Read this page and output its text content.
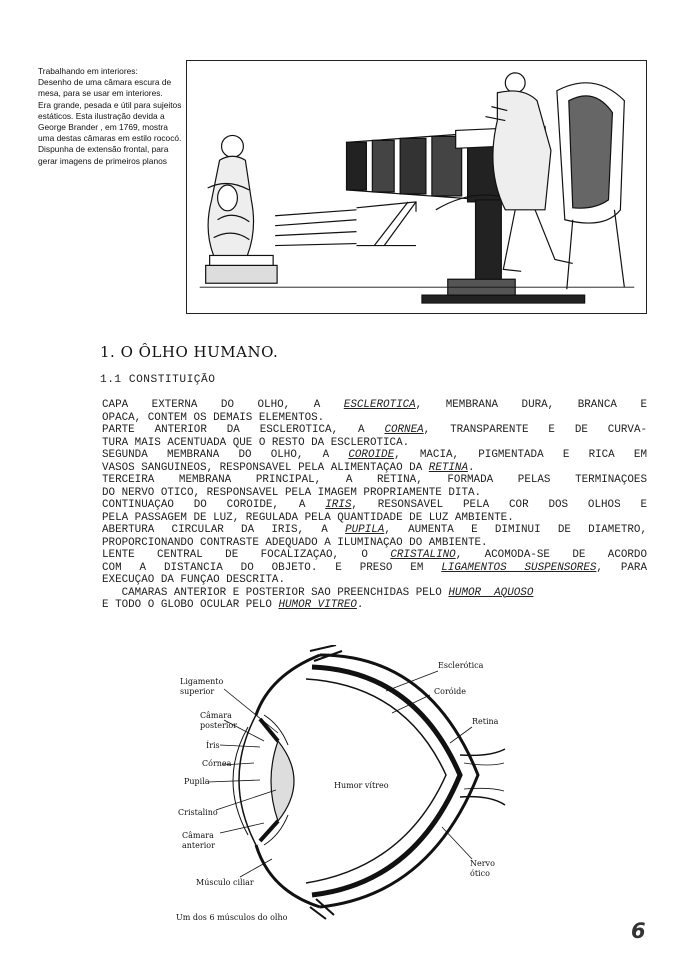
Trabalhando em interiores:
Desenho de uma câmara escura de mesa, para se usar em interiores.
Era grande, pesada e útil para sujeitos estáticos. Esta ilustração devida a George Brander , em 1769, mostra uma destas câmaras em estilo rococó.
Dispunha de extensão frontal, para gerar imagens de primeiros planos
1. O ÔLHO HUMANO.
1.1 CONSTITUIÇÃO
CAPA EXTERNA DO OLHO, A ESCLERÓTICA, MEMBRANA DURA, BRANCA E
OPACA, CONTÉM OS DEMAIS ELEMENTOS.
PARTE ANTERIOR DA ESCLERÓTICA, A CÓRNEA, TRANSPARENTE E DE CURVA-
TURA MAIS ACENTUADA QUE O RESTO DA ESCLERÓTICA.
SEGUNDA MEMBRANA DO OLHO, A COROIDE, MACIA, PIGMENTADA E RICA EM
VASOS SANGUINEOS, RESPONSÁVEL PELA ALIMENTAÇÃO DA RETINA.
TERCEIRA MEMBRANA PRINCIPAL, A RETINA, FORMADA PELAS TERMINAÇÕES
DO NERVO ÓTICO, RESPONSÁVEL PELA IMAGEM PROPRIAMENTE DITA.
CONTINUAÇÃO DO COROIDE, A IRIS, RESONSÁVEL PELA COR DOS OLHOS E
PELA PASSAGEM DE LUZ, REGULADA PELA QUANTIDADE DE LUZ AMBIENTE.
ABERTURA CIRCULAR DA IRIS, A PUPILA, AUMENTA E DIMINUI DE DIAMETRO,
PROPORCIONANDO CONTRASTE ADEQUADO A ILUMINAÇÃO DO AMBIENTE.
LENTE CENTRAL DE FOCALIZAÇÃO, O CRISTALINO, ACOMODA-SE DE ACORDO
COM A DISTANCIA DO OBJETO. E PRESO EM LIGAMENTOS SUSPENSORES, PARA
EXECUÇÃO DA FUNÇÃO DESCRITA.
CÂMARAS ANTERIOR E POSTERIOR SÃO PREENCHIDAS PELO HUMOR  AQUOSO
E TODO O GLOBO OCULAR PELO HUMOR VITREO.
Ligamento
superior
Câmara
posterior
Íris
Córnea
Pupila
Cristalino
Câmara
anterior
Músculo ciliar
Esclerótica
Coróide
Retina
Humor vítreo
Nervo
ótico
Um dos 6 músculos do olho
6
